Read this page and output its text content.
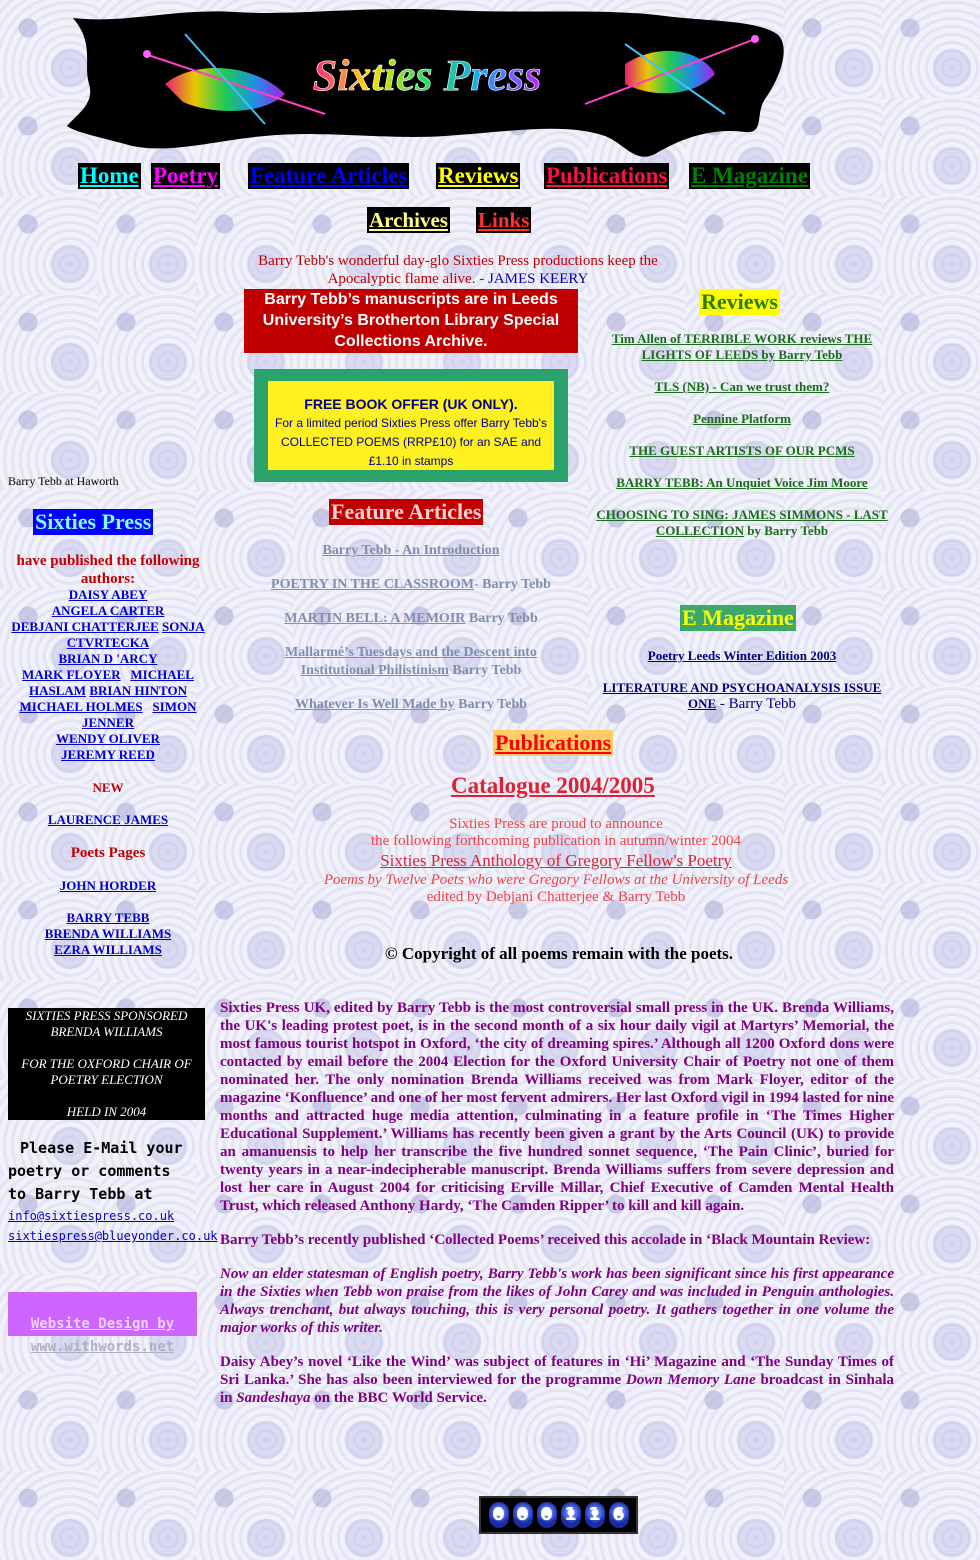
Sixties Press
Home Poetry Feature Articles Reviews Publications E Magazine
Archives Links
Barry Tebb's wonderful day-glo Sixties Press productions keep the Apocalyptic flame alive. - JAMES KEERY
Barry Tebb’s manuscripts are in Leeds University’s Brotherton Library Special Collections Archive.
FREE BOOK OFFER (UK ONLY).
For a limited period Sixties Press offer Barry Tebb's
COLLECTED POEMS (RRP£10) for an SAE and £1.10 in stamps
Barry Tebb at Haworth
Sixties Press
have published the following authors:
DAISY ABEY
ANGELA CARTER
DEBJANI CHATTERJEE SONJA CTVRTECKA
BRIAN D 'ARCY
MARK FLOYER MICHAEL HASLAM BRIAN HINTON
MICHAEL HOLMES SIMON JENNER
WENDY OLIVER
JEREMY REED
NEW
LAURENCE JAMES
Poets Pages
JOHN HORDER
BARRY TEBB
BRENDA WILLIAMS
EZRA WILLIAMS
SIXTIES PRESS SPONSORED
BRENDA WILLIAMS
FOR THE OXFORD CHAIR OF
POETRY ELECTION
HELD IN 2004
Please E-Mail your
poetry or comments
to Barry Tebb at
info@sixtiespress.co.uk
sixtiespress@blueyonder.co.uk
Website Design by
www.withwords.net
Feature Articles
Barry Tebb - An Introduction
POETRY IN THE CLASSROOM- Barry Tebb
MARTIN BELL: A MEMOIR Barry Tebb
Mallarmé’s Tuesdays and the Descent into Institutional Philistinism Barry Tebb
Whatever Is Well Made by Barry Tebb
Reviews
Tim Allen of TERRIBLE WORK reviews THE LIGHTS OF LEEDS by Barry Tebb
TLS (NB) - Can we trust them?
Pennine Platform
THE GUEST ARTISTS OF OUR PCMS
BARRY TEBB: An Unquiet Voice Jim Moore
CHOOSING TO SING: JAMES SIMMONS - LAST COLLECTION by Barry Tebb
E Magazine
Poetry Leeds Winter Edition 2003
LITERATURE AND PSYCHOANALYSIS ISSUE ONE - Barry Tebb
Publications
Catalogue 2004/2005
Sixties Press are proud to announce
the following forthcoming publication in autumn/winter 2004
Sixties Press Anthology of Gregory Fellow's Poetry
Poems by Twelve Poets who were Gregory Fellows at the University of Leeds
edited by Debjani Chatterjee & Barry Tebb
© Copyright of all poems remain with the poets.

Sixties Press UK, edited by Barry Tebb is the most controversial small press in the UK. Brenda Williams, the UK's leading protest poet, is in the second month of a six hour daily vigil at Martyrs’ Memorial, the most famous tourist hotspot in Oxford, ‘the city of dreaming spires.’ Although all 1200 Oxford dons were contacted by email before the 2004 Election for the Oxford University Chair of Poetry not one of them nominated her. The only nomination Brenda Williams received was from Mark Floyer, editor of the magazine ‘Konfluence’ and one of her most fervent admirers. Her last Oxford vigil in 1994 lasted for nine months and attracted huge media attention, culminating in a feature profile in ‘The Times Higher Educational Supplement.’ Williams has recently been given a grant by the Arts Council (UK) to provide an amanuensis to help her transcribe the five hundred sonnet sequence, ‘The Pain Clinic’, buried for twenty years in a near-indecipherable manuscript. Brenda Williams suffers from severe depression and lost her care in August 2004 for criticising Erville Millar, Chief Executive of Camden Mental Health Trust, which released Anthony Hardy, ‘The Camden Ripper’ to kill and kill again.

Barry Tebb’s recently published ‘Collected Poems’ received this accolade in ‘Black Mountain Review:

Now an elder statesman of English poetry, Barry Tebb's work has been significant since his first appearance in the Sixties when Tebb won praise from the likes of John Carey and was included in Penguin anthologies. Always trenchant, but always touching, this is very personal poetry. It gathers together in one volume the major works of this writer.

Daisy Abey’s novel ‘Like the Wind’ was subject of features in ‘Hi’ Magazine and ‘The Sunday Times of Sri Lanka.’ She has also been interviewed for the programme Down Memory Lane broadcast in Sinhala in Sandeshaya on the BBC World Service.

0 0 0 1 1 6
